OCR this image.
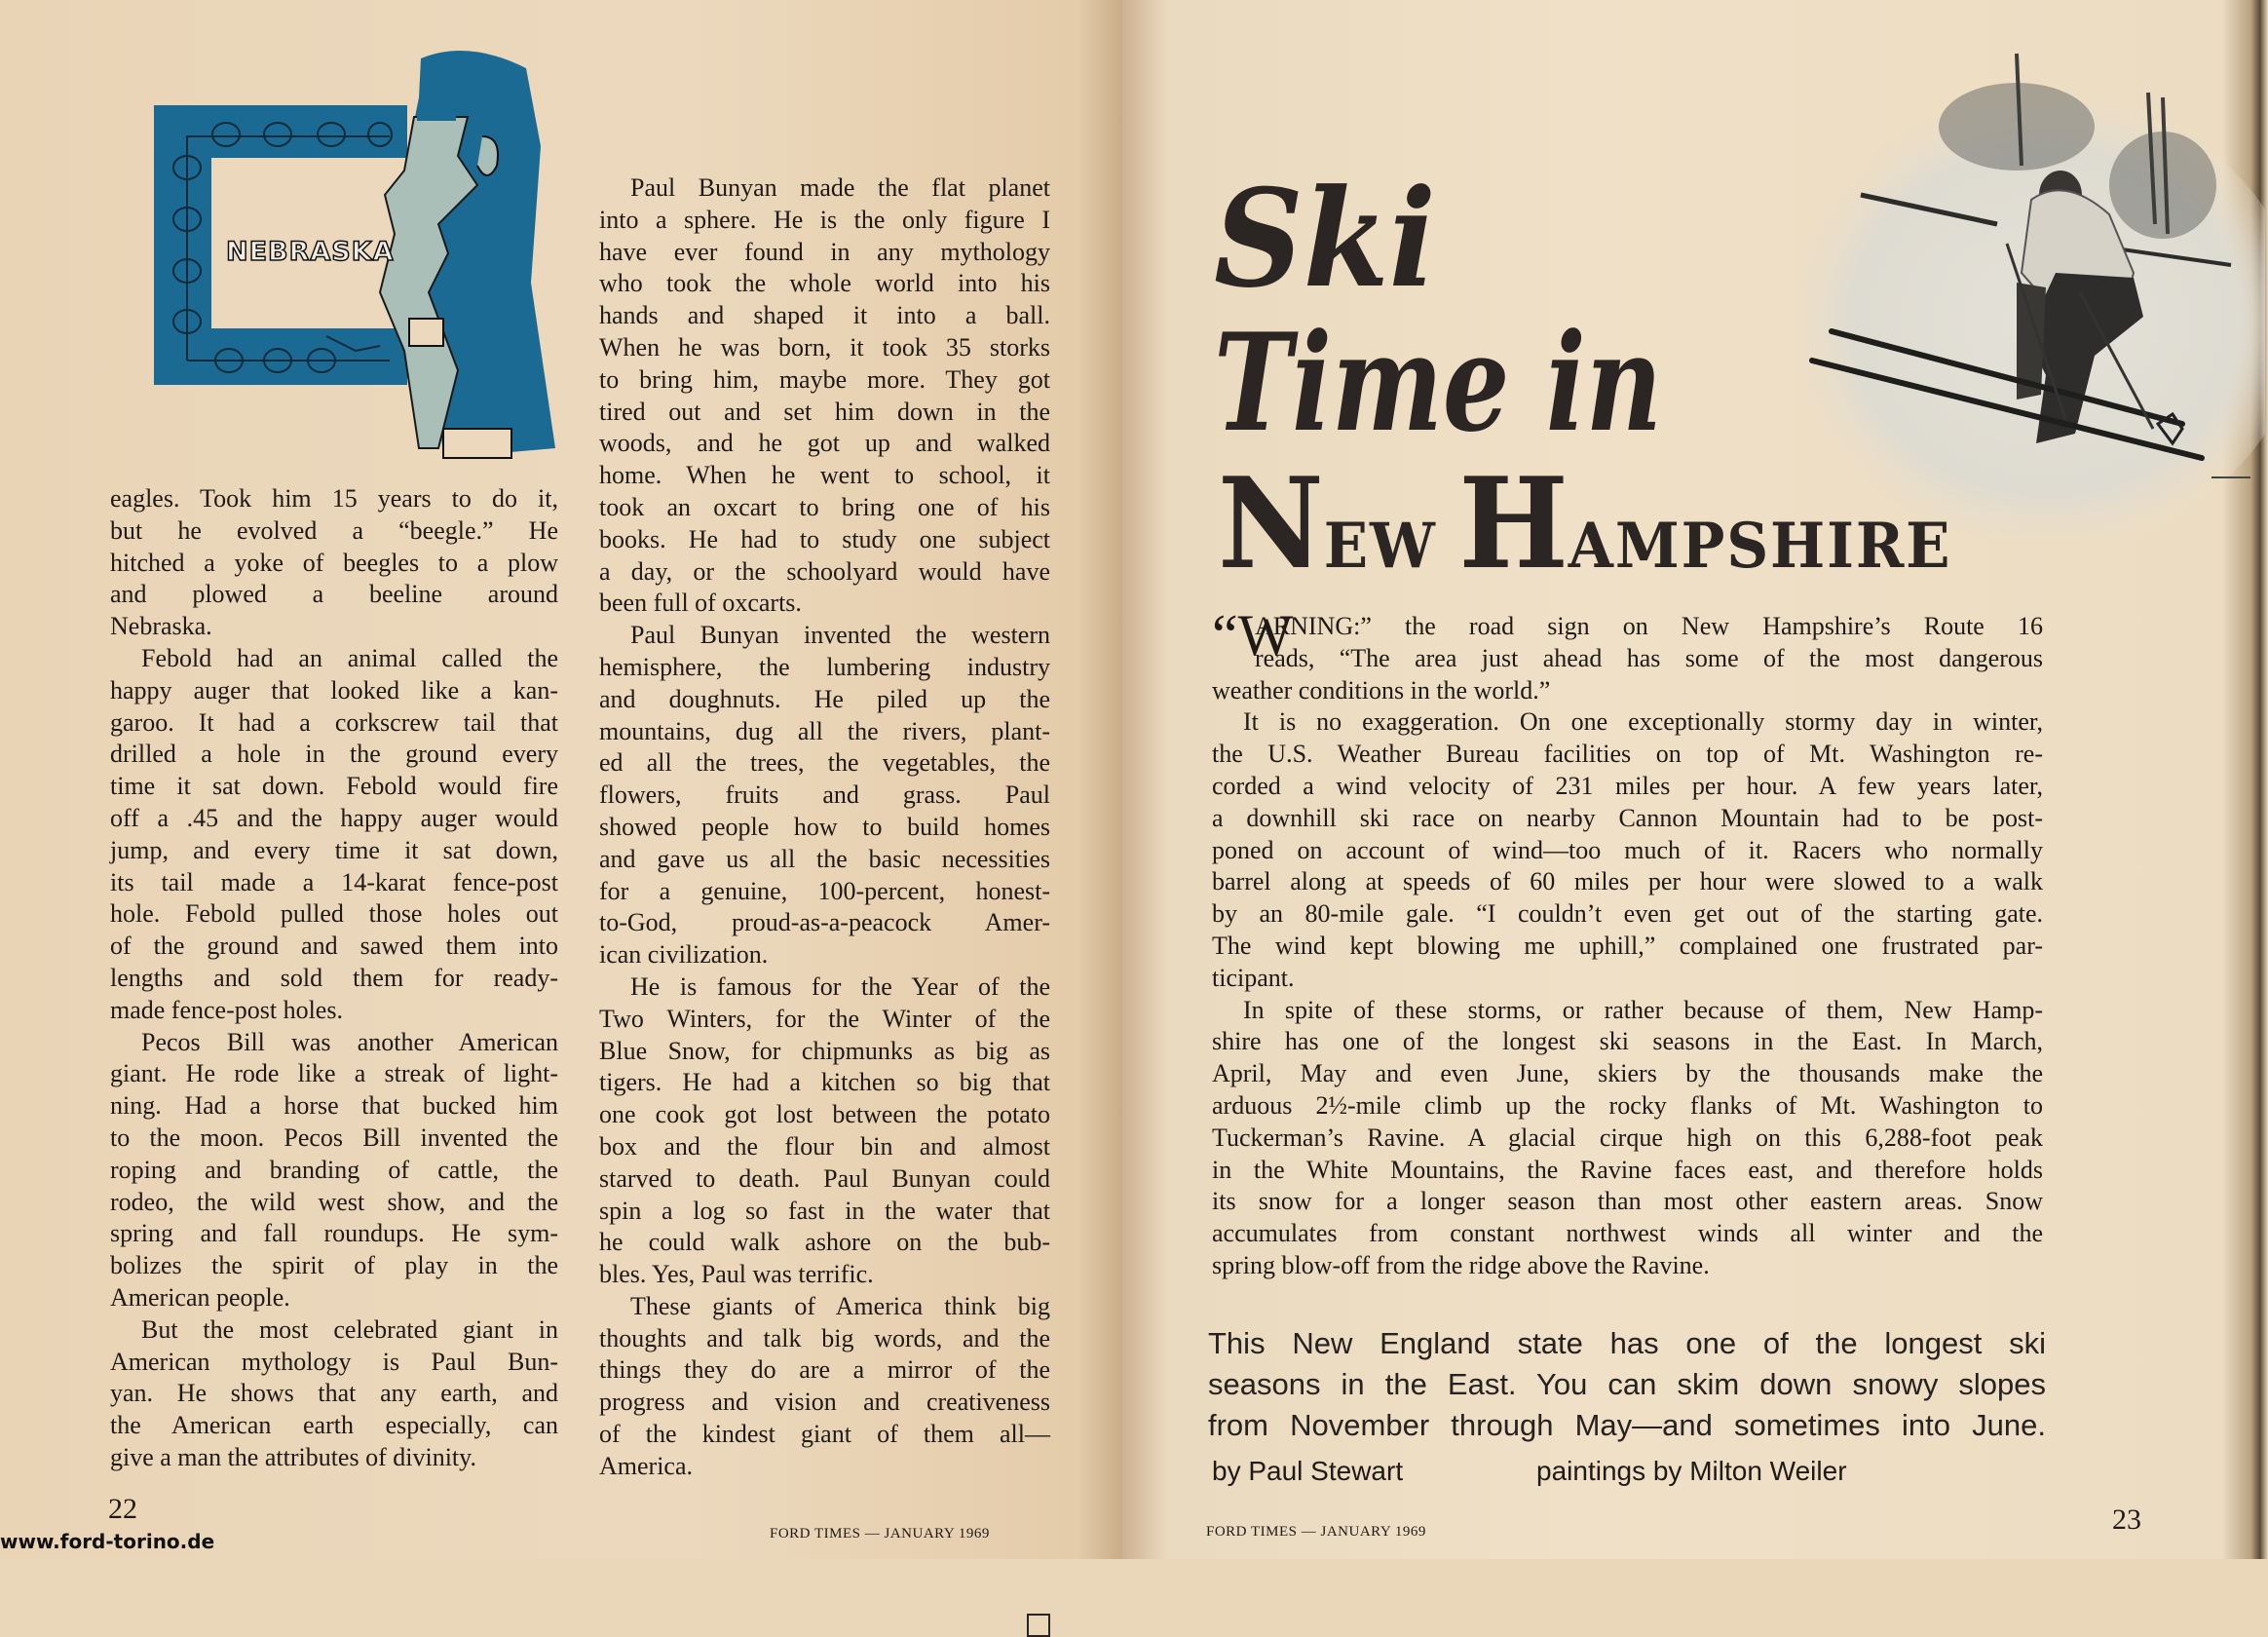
NEBRASKA
eagles. Took him 15 years to do it,
but he evolved a “beegle.” He
hitched a yoke of beegles to a plow
and plowed a beeline around
Nebraska.
Febold had an animal called the
happy auger that looked like a kan-
garoo. It had a corkscrew tail that
drilled a hole in the ground every
time it sat down. Febold would fire
off a .45 and the happy auger would
jump, and every time it sat down,
its tail made a 14-karat fence-post
hole. Febold pulled those holes out
of the ground and sawed them into
lengths and sold them for ready-
made fence-post holes.
Pecos Bill was another American
giant. He rode like a streak of light-
ning. Had a horse that bucked him
to the moon. Pecos Bill invented the
roping and branding of cattle, the
rodeo, the wild west show, and the
spring and fall roundups. He sym-
bolizes the spirit of play in the
American people.
But the most celebrated giant in
American mythology is Paul Bun-
yan. He shows that any earth, and
the American earth especially, can
give a man the attributes of divinity.
Paul Bunyan made the flat planet
into a sphere. He is the only figure I
have ever found in any mythology
who took the whole world into his
hands and shaped it into a ball.
When he was born, it took 35 storks
to bring him, maybe more. They got
tired out and set him down in the
woods, and he got up and walked
home. When he went to school, it
took an oxcart to bring one of his
books. He had to study one subject
a day, or the schoolyard would have
been full of oxcarts.
Paul Bunyan invented the western
hemisphere, the lumbering industry
and doughnuts. He piled up the
mountains, dug all the rivers, plant-
ed all the trees, the vegetables, the
flowers, fruits and grass. Paul
showed people how to build homes
and gave us all the basic necessities
for a genuine, 100-percent, honest-
to-God, proud-as-a-peacock Amer-
ican civilization.
He is famous for the Year of the
Two Winters, for the Winter of the
Blue Snow, for chipmunks as big as
tigers. He had a kitchen so big that
one cook got lost between the potato
box and the flour bin and almost
starved to death. Paul Bunyan could
spin a log so fast in the water that
he could walk ashore on the bub-
bles. Yes, Paul was terrific.
These giants of America think big
thoughts and talk big words, and the
things they do are a mirror of the
progress and vision and creativeness
of the kindest giant of them all—
America.
22
www.ford-torino.de	FORD TIMES — JANUARY 1969
Ski
Time in
NEW HAMPSHIRE
“W
ARNING:” the road sign on New Hampshire’s Route 16
reads, “The area just ahead has some of the most dangerous
weather conditions in the world.”
It is no exaggeration. On one exceptionally stormy day in winter,
the U.S. Weather Bureau facilities on top of Mt. Washington re-
corded a wind velocity of 231 miles per hour. A few years later,
a downhill ski race on nearby Cannon Mountain had to be post-
poned on account of wind—too much of it. Racers who normally
barrel along at speeds of 60 miles per hour were slowed to a walk
by an 80-mile gale. “I couldn’t even get out of the starting gate.
The wind kept blowing me uphill,” complained one frustrated par-
ticipant.
In spite of these storms, or rather because of them, New Hamp-
shire has one of the longest ski seasons in the East. In March,
April, May and even June, skiers by the thousands make the
arduous 2½-mile climb up the rocky flanks of Mt. Washington to
Tuckerman’s Ravine. A glacial cirque high on this 6,288-foot peak
in the White Mountains, the Ravine faces east, and therefore holds
its snow for a longer season than most other eastern areas. Snow
accumulates from constant northwest winds all winter and the
spring blow-off from the ridge above the Ravine.
This New England state has one of the longest ski
seasons in the East. You can skim down snowy slopes
from November through May—and sometimes into June.
by Paul Stewart	paintings by Milton Weiler
FORD TIMES — JANUARY 1969	23
